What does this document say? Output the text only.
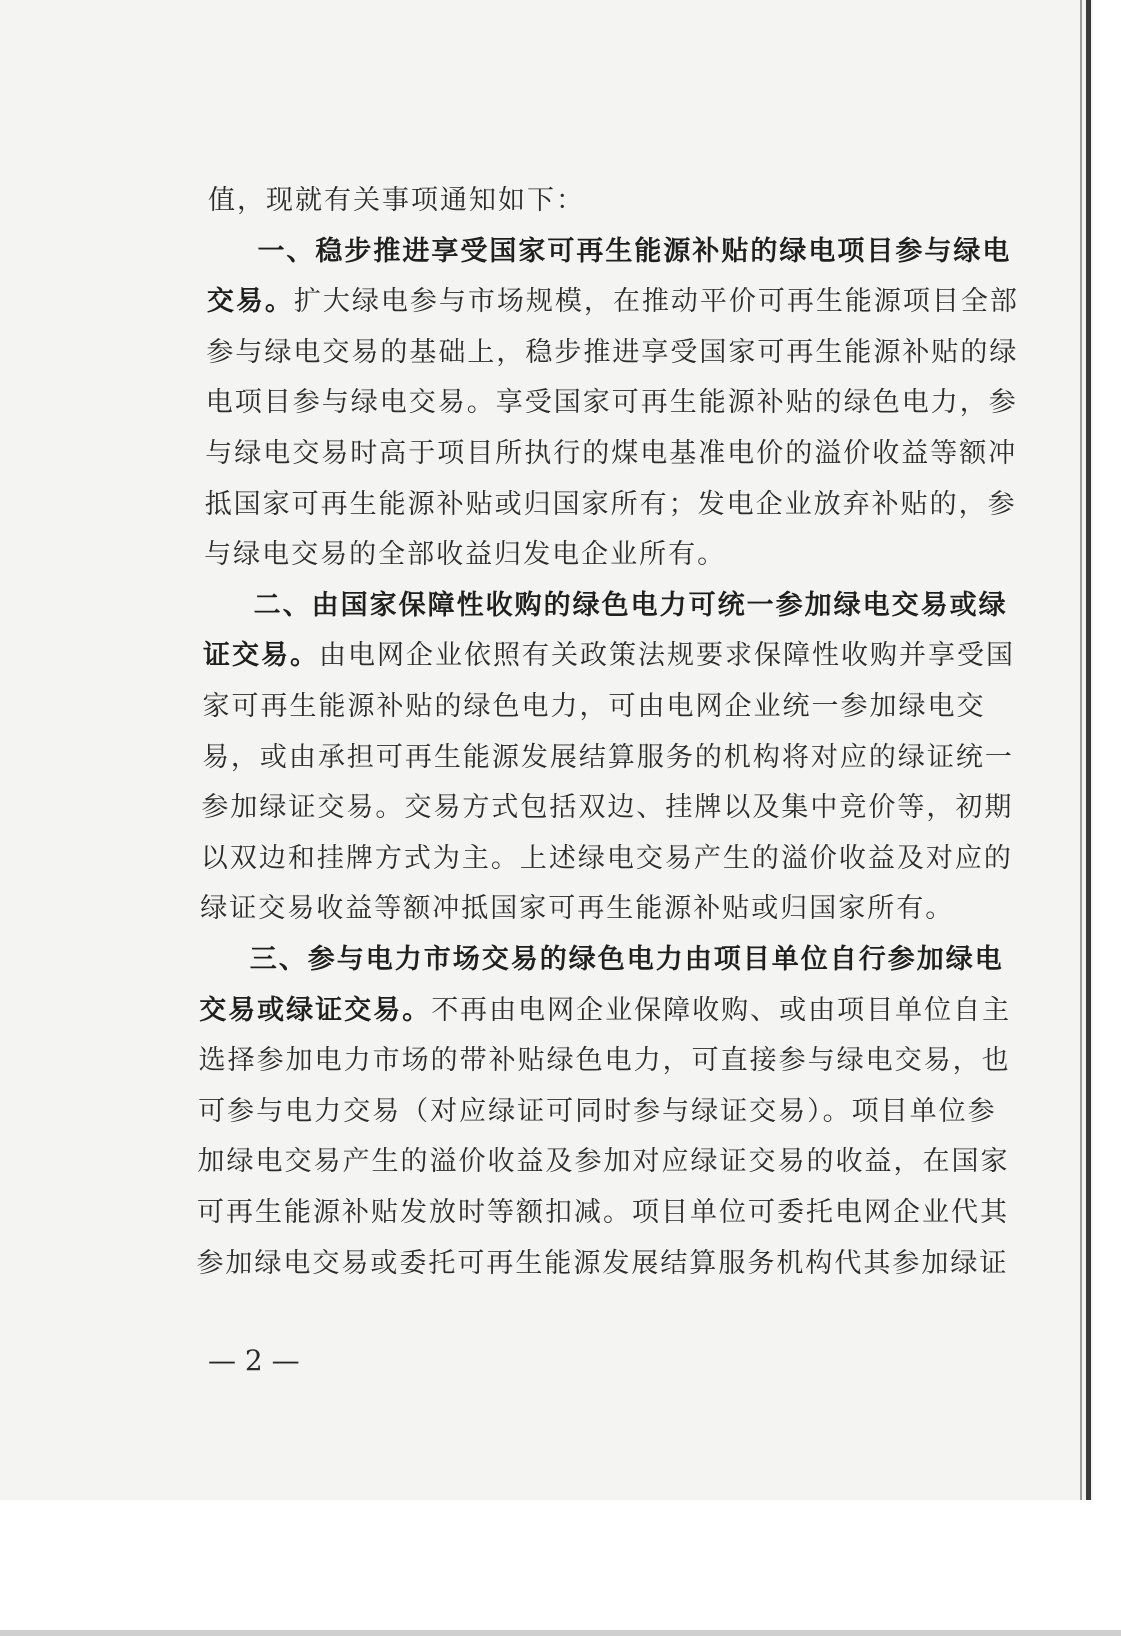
值，现就有关事项通知如下：
一、稳步推进享受国家可再生能源补贴的绿电项目参与绿电
交易。扩大绿电参与市场规模，在推动平价可再生能源项目全部
参与绿电交易的基础上，稳步推进享受国家可再生能源补贴的绿
电项目参与绿电交易。享受国家可再生能源补贴的绿色电力，参
与绿电交易时高于项目所执行的煤电基准电价的溢价收益等额冲
抵国家可再生能源补贴或归国家所有；发电企业放弃补贴的，参
与绿电交易的全部收益归发电企业所有。
二、由国家保障性收购的绿色电力可统一参加绿电交易或绿
证交易。由电网企业依照有关政策法规要求保障性收购并享受国
家可再生能源补贴的绿色电力，可由电网企业统一参加绿电交
易，或由承担可再生能源发展结算服务的机构将对应的绿证统一
参加绿证交易。交易方式包括双边、挂牌以及集中竞价等，初期
以双边和挂牌方式为主。上述绿电交易产生的溢价收益及对应的
绿证交易收益等额冲抵国家可再生能源补贴或归国家所有。
三、参与电力市场交易的绿色电力由项目单位自行参加绿电
交易或绿证交易。不再由电网企业保障收购、或由项目单位自主
选择参加电力市场的带补贴绿色电力，可直接参与绿电交易，也
可参与电力交易（对应绿证可同时参与绿证交易）。项目单位参
加绿电交易产生的溢价收益及参加对应绿证交易的收益，在国家
可再生能源补贴发放时等额扣减。项目单位可委托电网企业代其
参加绿电交易或委托可再生能源发展结算服务机构代其参加绿证
— 2 —
